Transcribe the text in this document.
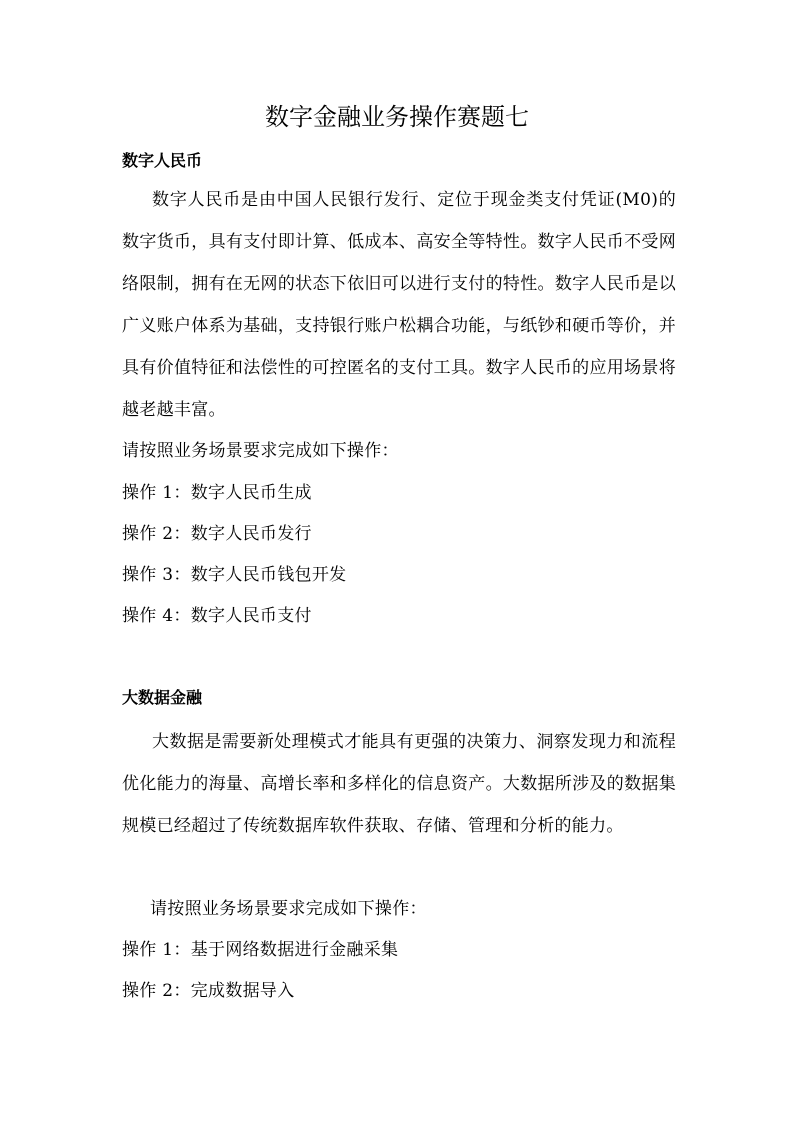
数字金融业务操作赛题七
数字人民币

数字人民币是由中国人民银行发行、定位于现金类支付凭证(M0)的数字货币，具有支付即计算、低成本、高安全等特性。数字人民币不受网络限制，拥有在无网的状态下依旧可以进行支付的特性。数字人民币是以广义账户体系为基础，支持银行账户松耦合功能，与纸钞和硬币等价，并具有价值特征和法偿性的可控匿名的支付工具。数字人民币的应用场景将越老越丰富。

请按照业务场景要求完成如下操作：

操作 1：数字人民币生成

操作 2：数字人民币发行

操作 3：数字人民币钱包开发

操作 4：数字人民币支付

大数据金融

大数据是需要新处理模式才能具有更强的决策力、洞察发现力和流程优化能力的海量、高增长率和多样化的信息资产。大数据所涉及的数据集规模已经超过了传统数据库软件获取、存储、管理和分析的能力。

请按照业务场景要求完成如下操作：

操作 1：基于网络数据进行金融采集

操作 2：完成数据导入
